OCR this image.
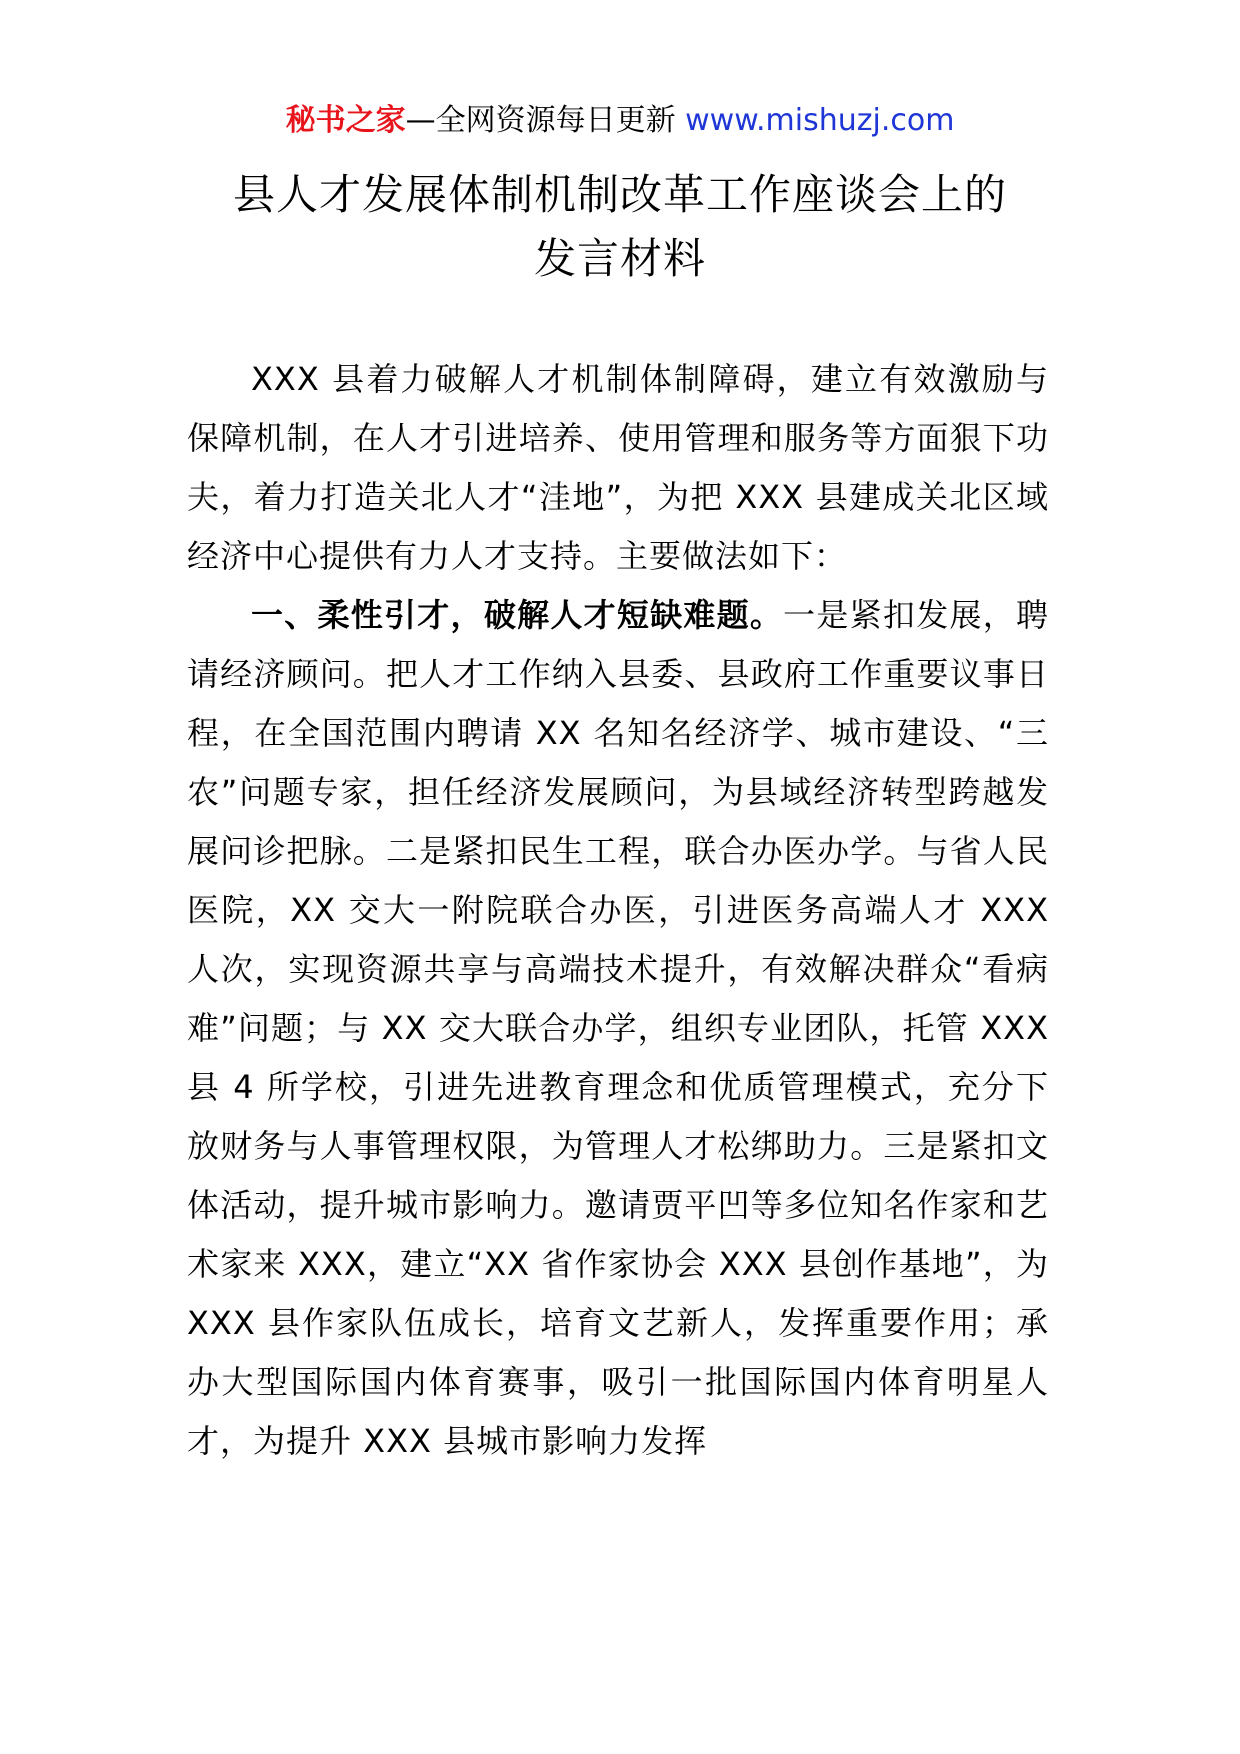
秘书之家—全网资源每日更新 www.mishuzj.com
县人才发展体制机制改革工作座谈会上的
发言材料

XXX 县着力破解人才机制体制障碍，建立有效激励与保障机制，在人才引进培养、使用管理和服务等方面狠下功夫，着力打造关北人才“洼地”，为把 XXX 县建成关北区域经济中心提供有力人才支持。主要做法如下：

一、柔性引才，破解人才短缺难题。一是紧扣发展，聘请经济顾问。把人才工作纳入县委、县政府工作重要议事日程，在全国范围内聘请 XX 名知名经济学、城市建设、“三农”问题专家，担任经济发展顾问，为县域经济转型跨越发展问诊把脉。二是紧扣民生工程，联合办医办学。与省人民医院，XX 交大一附院联合办医，引进医务高端人才 XXX 人次，实现资源共享与高端技术提升，有效解决群众“看病难”问题；与 XX 交大联合办学，组织专业团队，托管 XXX 县 4 所学校，引进先进教育理念和优质管理模式，充分下放财务与人事管理权限，为管理人才松绑助力。三是紧扣文体活动，提升城市影响力。邀请贾平凹等多位知名作家和艺术家来 XXX，建立“XX 省作家协会 XXX 县创作基地”，为 XXX 县作家队伍成长，培育文艺新人，发挥重要作用；承办大型国际国内体育赛事，吸引一批国际国内体育明星人才，为提升 XXX 县城市影响力发挥
